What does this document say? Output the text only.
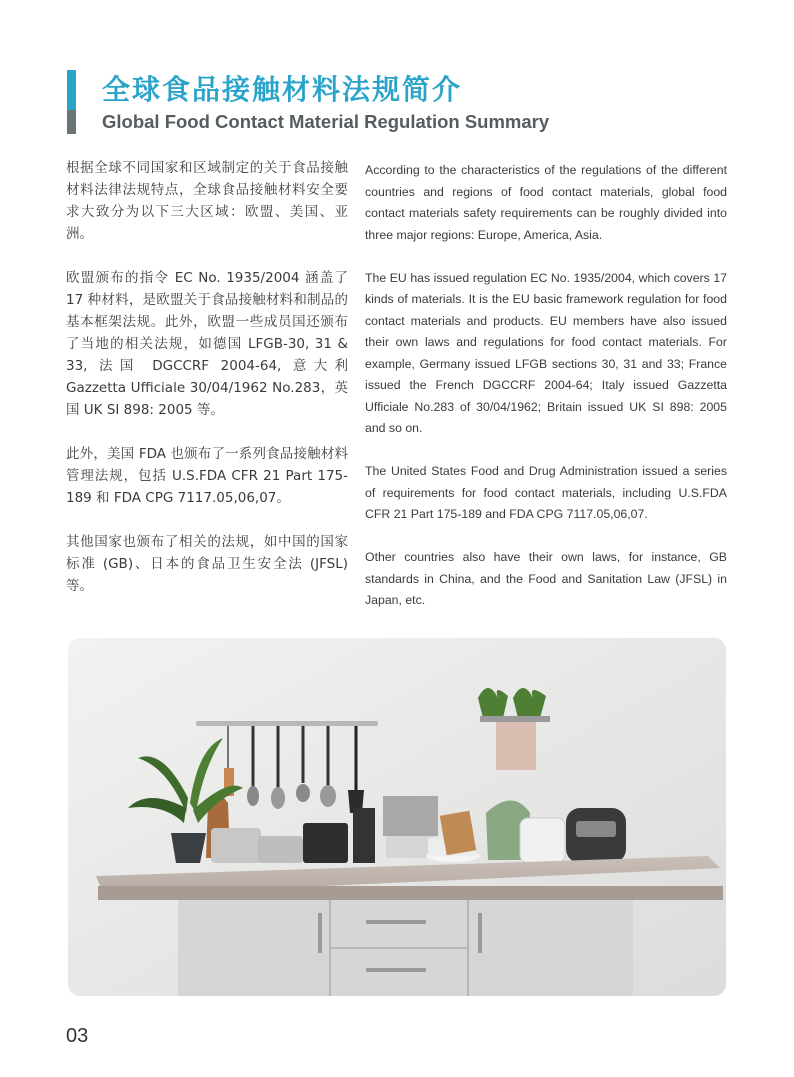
全球食品接触材料法规简介
Global Food Contact Material Regulation Summary

根据全球不同国家和区域制定的关于食品接触材料法律法规特点，全球食品接触材料安全要求大致分为以下三大区域：欧盟、美国、亚洲。

欧盟颁布的指令 EC No. 1935/2004 涵盖了 17 种材料，是欧盟关于食品接触材料和制品的基本框架法规。此外，欧盟一些成员国还颁布了当地的相关法规，如德国 LFGB-30, 31 & 33, 法国 DGCCRF 2004-64, 意大利 Gazzetta Ufficiale 30/04/1962 No.283，英国 UK SI 898: 2005 等。

此外，美国 FDA 也颁布了一系列食品接触材料管理法规，包括 U.S.FDA CFR 21 Part 175-189 和 FDA CPG 7117.05,06,07。

其他国家也颁布了相关的法规，如中国的国家标准 (GB)、日本的食品卫生安全法 (JFSL) 等。

According to the characteristics of the regulations of the different countries and regions of food contact materials, global food contact materials safety requirements can be roughly divided into three major regions: Europe, America, Asia.

The EU has issued regulation EC No. 1935/2004, which covers 17 kinds of materials. It is the EU basic framework regulation for food contact materials and products. EU members have also issued their own laws and regulations for food contact materials. For example, Germany issued LFGB sections 30, 31 and 33; France issued the French DGCCRF 2004-64; Italy issued Gazzetta Ufficiale No.283 of 30/04/1962; Britain issued UK SI 898: 2005 and so on.

The United States Food and Drug Administration issued a series of requirements for food contact materials, including U.S.FDA CFR 21 Part 175-189 and FDA CPG 7117.05,06,07.

Other countries also have their own laws, for instance, GB standards in China, and the Food and Sanitation Law (JFSL) in Japan, etc.

03
